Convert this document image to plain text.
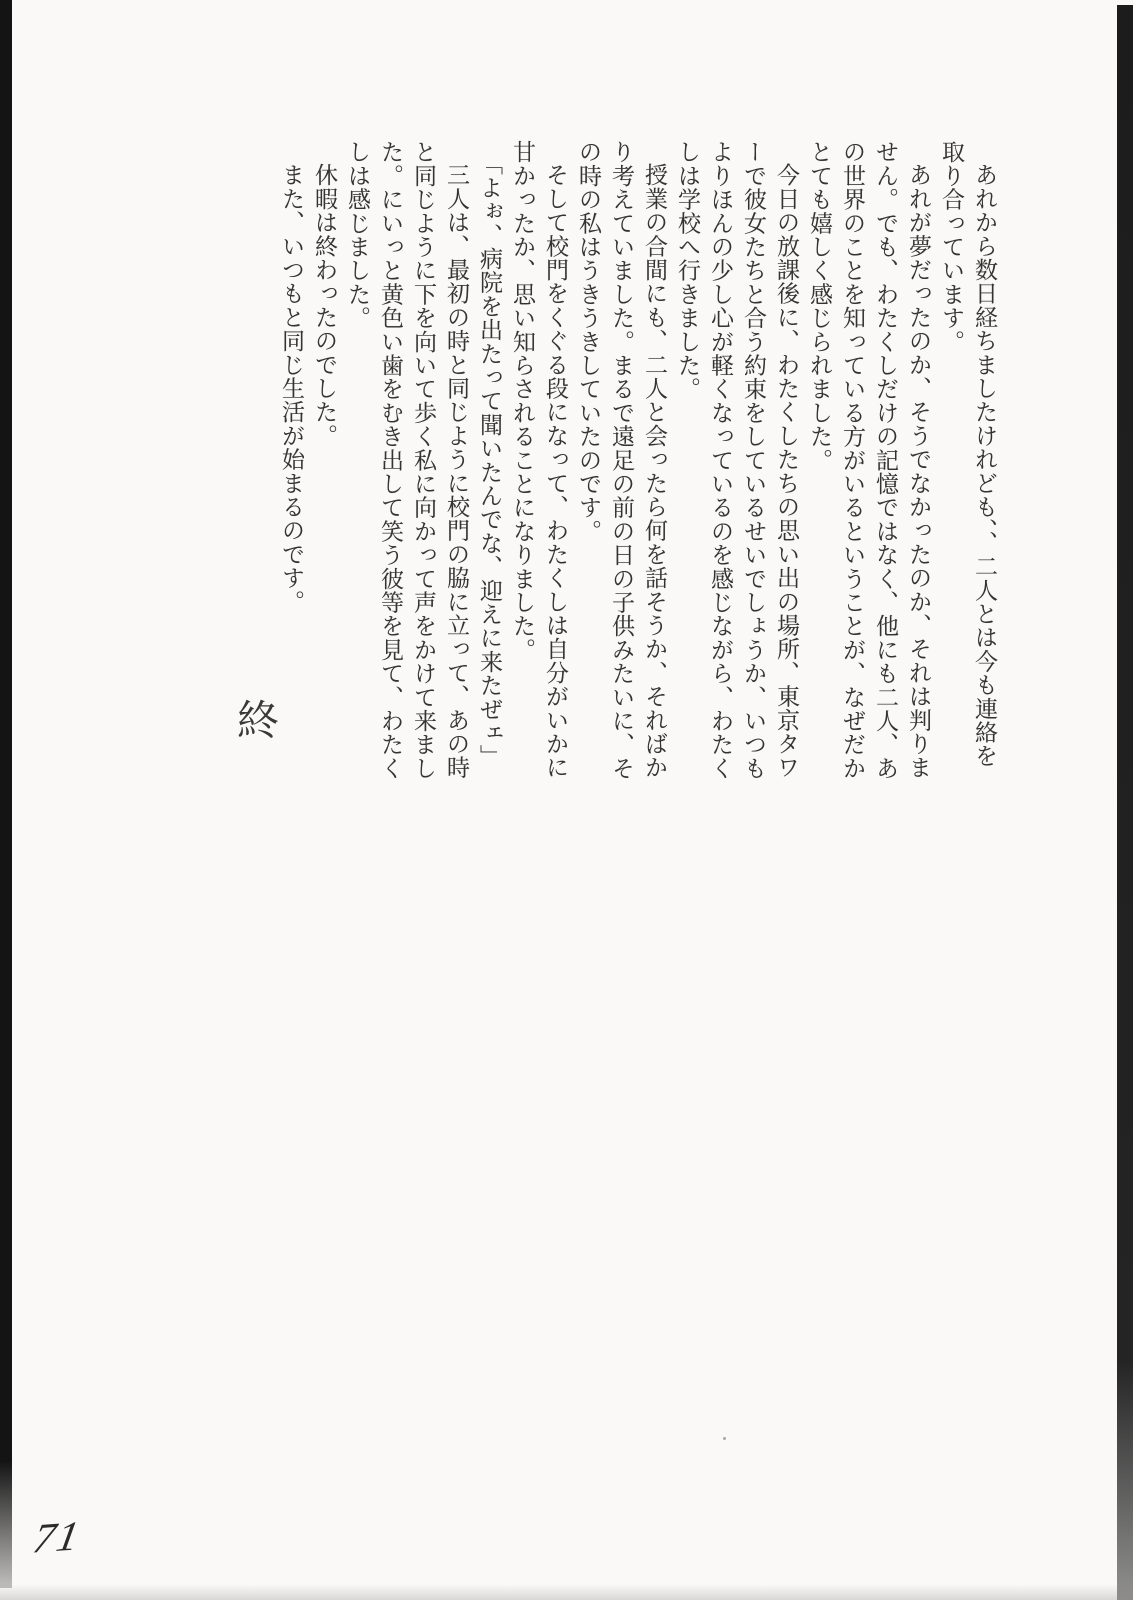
あれから数日経ちましたけれども、、二人とは今も連絡を
取り合っています。

あれが夢だったのか、そうでなかったのか、それは判りま
せん。でも、わたくしだけの記憶ではなく、他にも二人、あ
の世界のことを知っている方がいるということが、なぜだか
とても嬉しく感じられました。

今日の放課後に、わたくしたちの思い出の場所、東京タワ
ーで彼女たちと合う約束をしているせいでしょうか、いつも
よりほんの少し心が軽くなっているのを感じながら、わたく
しは学校へ行きました。

授業の合間にも、二人と会ったら何を話そうか、そればか
り考えていました。まるで遠足の前の日の子供みたいに、そ
の時の私はうきうきしていたのです。

そして校門をくぐる段になって、わたくしは自分がいかに
甘かったか、思い知らされることになりました。

「よぉ、病院を出たって聞いたんでな、迎えに来たぜェ」

三人は、最初の時と同じように校門の脇に立って、あの時
と同じように下を向いて歩く私に向かって声をかけて来まし
た。にいっと黄色い歯をむき出して笑う彼等を見て、わたく
しは感じました。

休暇は終わったのでした。

また、いつもと同じ生活が始まるのです。

終
71
